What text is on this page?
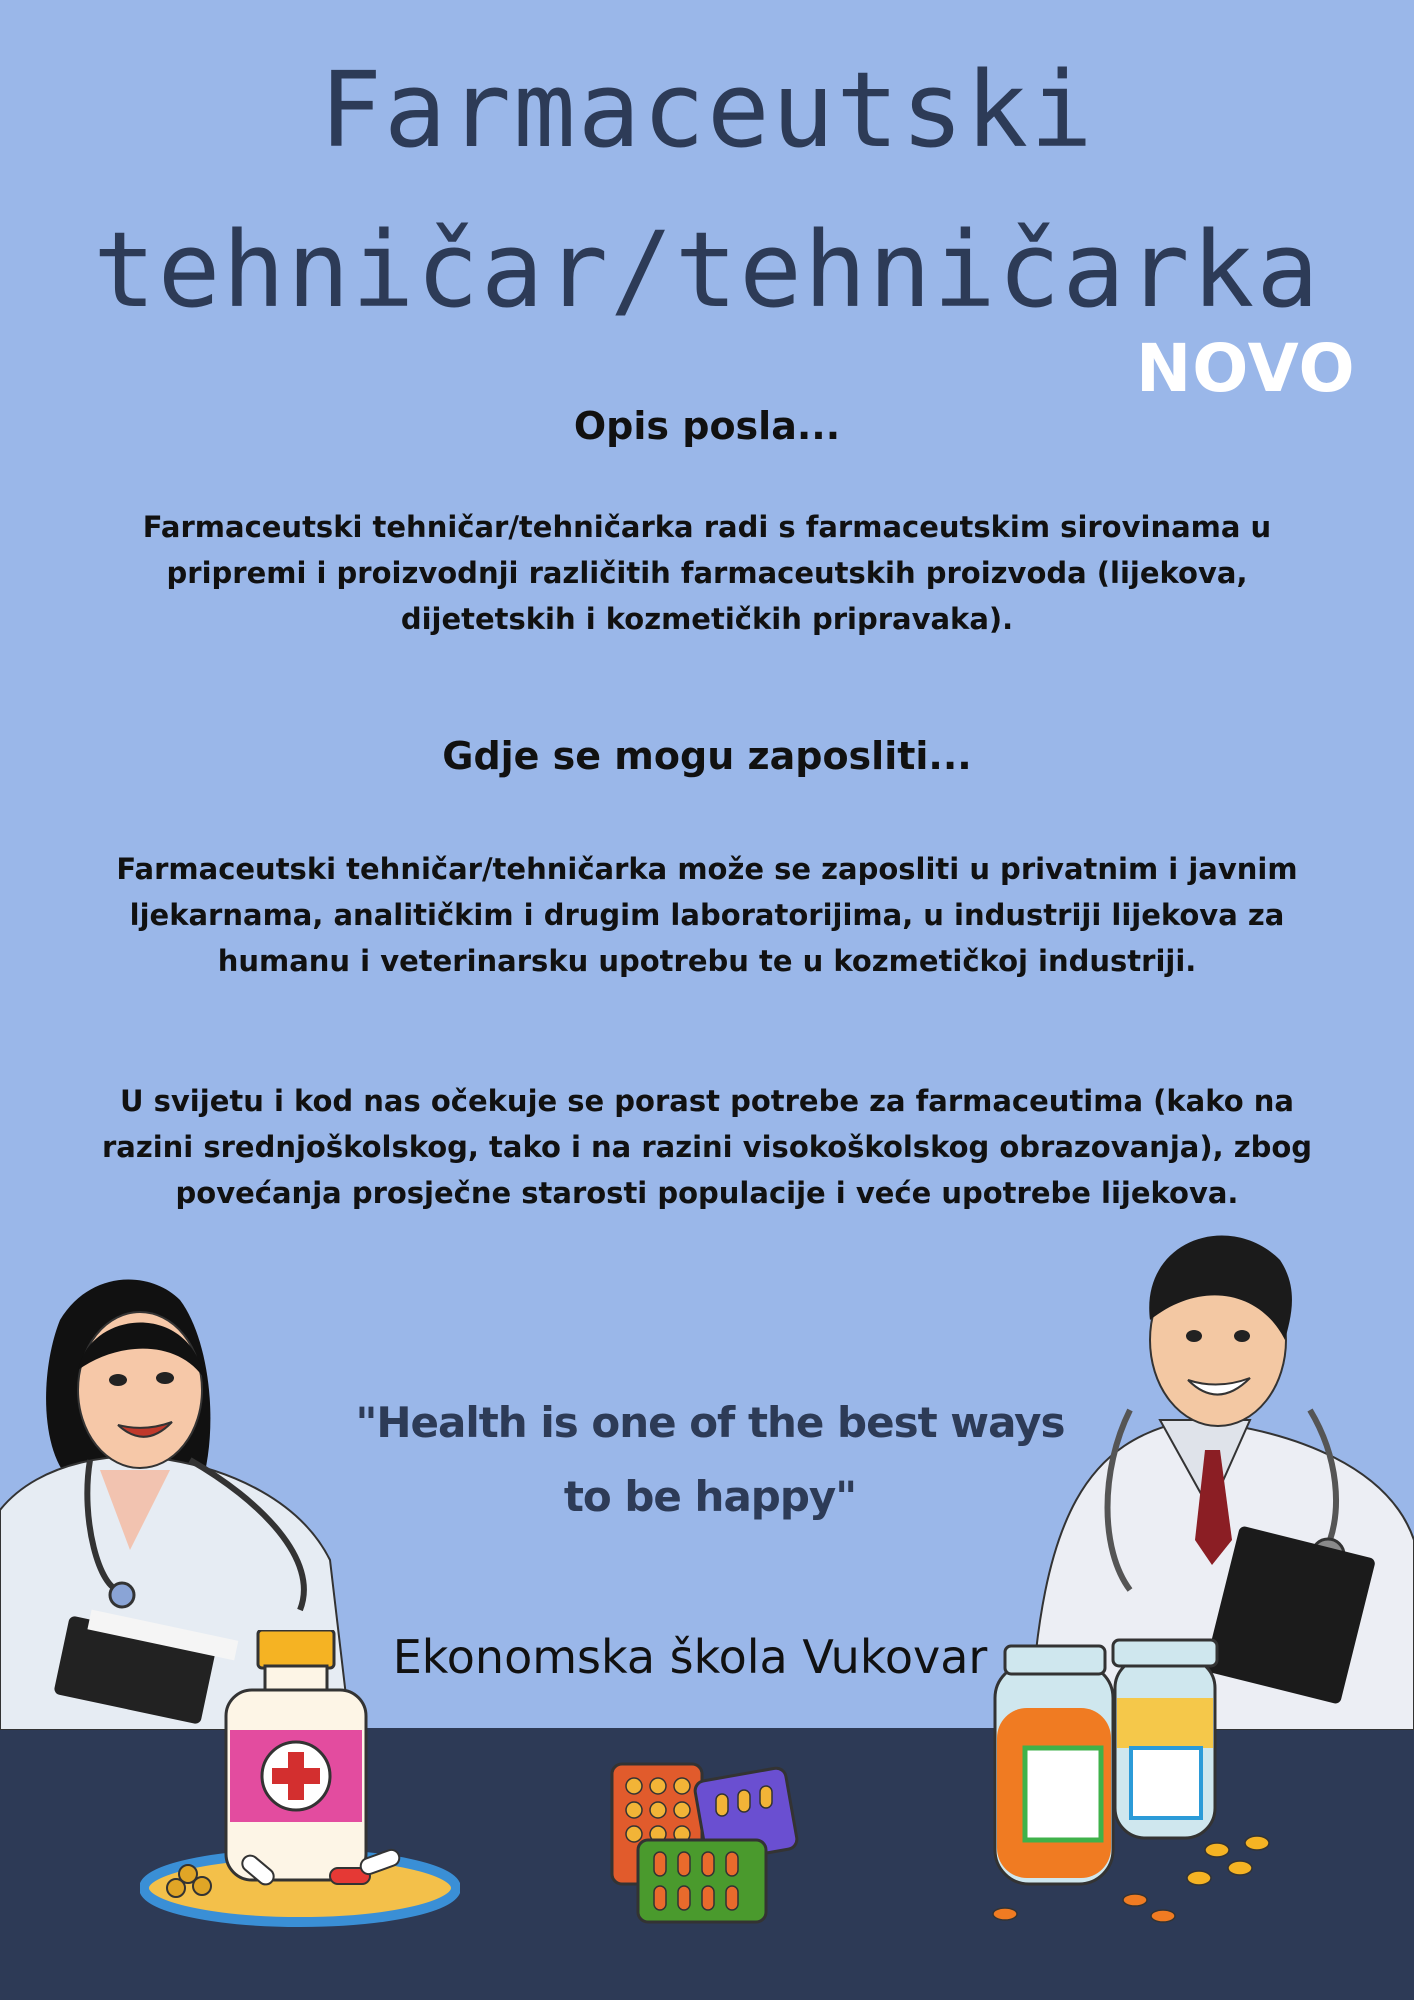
Farmaceutski
tehničar/tehničarka
NOVO
Opis posla...

Farmaceutski tehničar/tehničarka radi s farmaceutskim sirovinama u pripremi i proizvodnji različitih farmaceutskih proizvoda (lijekova, dijetetskih i kozmetičkih pripravaka).

Gdje se mogu zaposliti...

Farmaceutski tehničar/tehničarka može se zaposliti u privatnim i javnim ljekarnama, analitičkim i drugim laboratorijima, u industriji lijekova za humanu i veterinarsku upotrebu te u kozmetičkoj industriji.

U svijetu i kod nas očekuje se porast potrebe za farmaceutima (kako na razini srednjoškolskog, tako i na razini visokoškolskog obrazovanja), zbog povećanja prosječne starosti populacije i veće upotrebe lijekova.

"Health is one of the best ways
to be happy"
Ekonomska škola Vukovar
